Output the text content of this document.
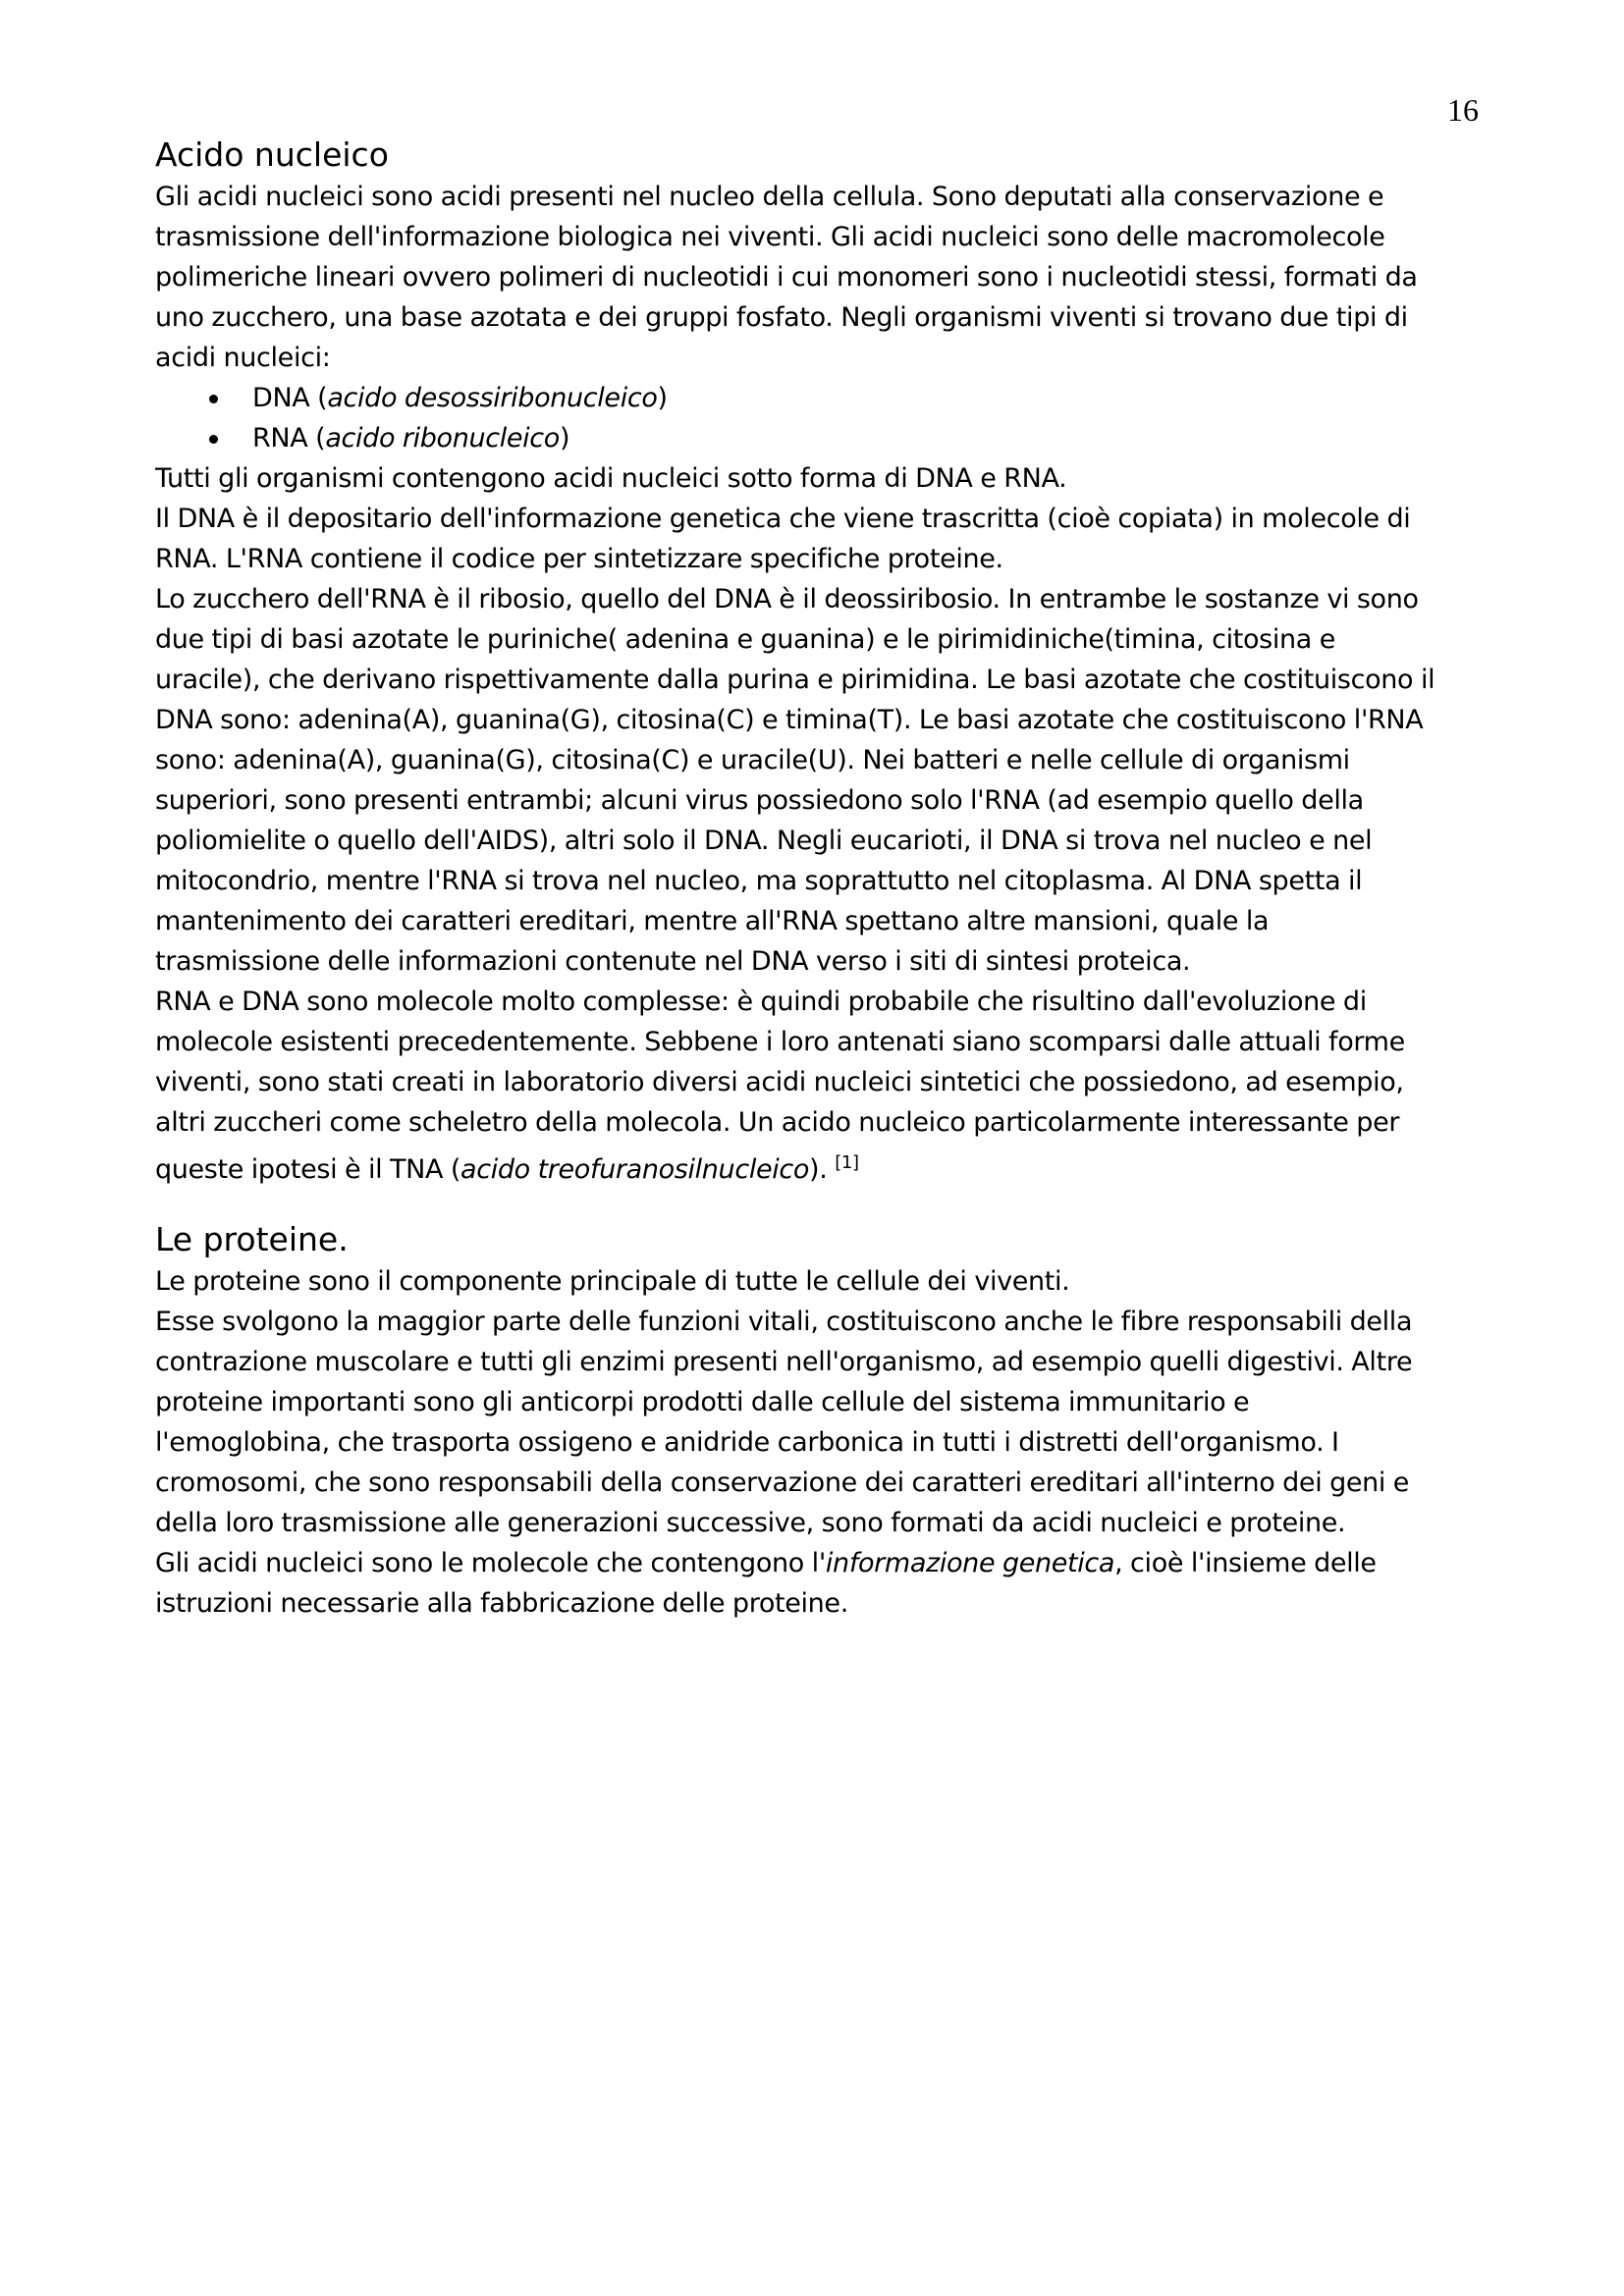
16
Acido nucleico
Gli acidi nucleici sono acidi presenti nel nucleo della cellula. Sono deputati alla conservazione e
trasmissione dell'informazione biologica nei viventi. Gli acidi nucleici sono delle macromolecole
polimeriche lineari ovvero polimeri di nucleotidi i cui monomeri sono i nucleotidi stessi, formati da
uno zucchero, una base azotata e dei gruppi fosfato. Negli organismi viventi si trovano due tipi di
acidi nucleici:
DNA (acido desossiribonucleico)
RNA (acido ribonucleico)
Tutti gli organismi contengono acidi nucleici sotto forma di DNA e RNA.
Il DNA è il depositario dell'informazione genetica che viene trascritta (cioè copiata) in molecole di
RNA. L'RNA contiene il codice per sintetizzare specifiche proteine.
Lo zucchero dell'RNA è il ribosio, quello del DNA è il deossiribosio. In entrambe le sostanze vi sono
due tipi di basi azotate le puriniche( adenina e guanina) e le pirimidiniche(timina, citosina e
uracile), che derivano rispettivamente dalla purina e pirimidina. Le basi azotate che costituiscono il
DNA sono: adenina(A), guanina(G), citosina(C) e timina(T). Le basi azotate che costituiscono l'RNA
sono: adenina(A), guanina(G), citosina(C) e uracile(U). Nei batteri e nelle cellule di organismi
superiori, sono presenti entrambi; alcuni virus possiedono solo l'RNA (ad esempio quello della
poliomielite o quello dell'AIDS), altri solo il DNA. Negli eucarioti, il DNA si trova nel nucleo e nel
mitocondrio, mentre l'RNA si trova nel nucleo, ma soprattutto nel citoplasma. Al DNA spetta il
mantenimento dei caratteri ereditari, mentre all'RNA spettano altre mansioni, quale la
trasmissione delle informazioni contenute nel DNA verso i siti di sintesi proteica.
RNA e DNA sono molecole molto complesse: è quindi probabile che risultino dall'evoluzione di
molecole esistenti precedentemente. Sebbene i loro antenati siano scomparsi dalle attuali forme
viventi, sono stati creati in laboratorio diversi acidi nucleici sintetici che possiedono, ad esempio,
altri zuccheri come scheletro della molecola. Un acido nucleico particolarmente interessante per
queste ipotesi è il TNA (acido treofuranosilnucleico). [1]
Le proteine.
Le proteine sono il componente principale di tutte le cellule dei viventi.
Esse svolgono la maggior parte delle funzioni vitali, costituiscono anche le fibre responsabili della
contrazione muscolare e tutti gli enzimi presenti nell'organismo, ad esempio quelli digestivi. Altre
proteine importanti sono gli anticorpi prodotti dalle cellule del sistema immunitario e
l'emoglobina, che trasporta ossigeno e anidride carbonica in tutti i distretti dell'organismo. I
cromosomi, che sono responsabili della conservazione dei caratteri ereditari all'interno dei geni e
della loro trasmissione alle generazioni successive, sono formati da acidi nucleici e proteine.
Gli acidi nucleici sono le molecole che contengono l'informazione genetica, cioè l'insieme delle
istruzioni necessarie alla fabbricazione delle proteine.
